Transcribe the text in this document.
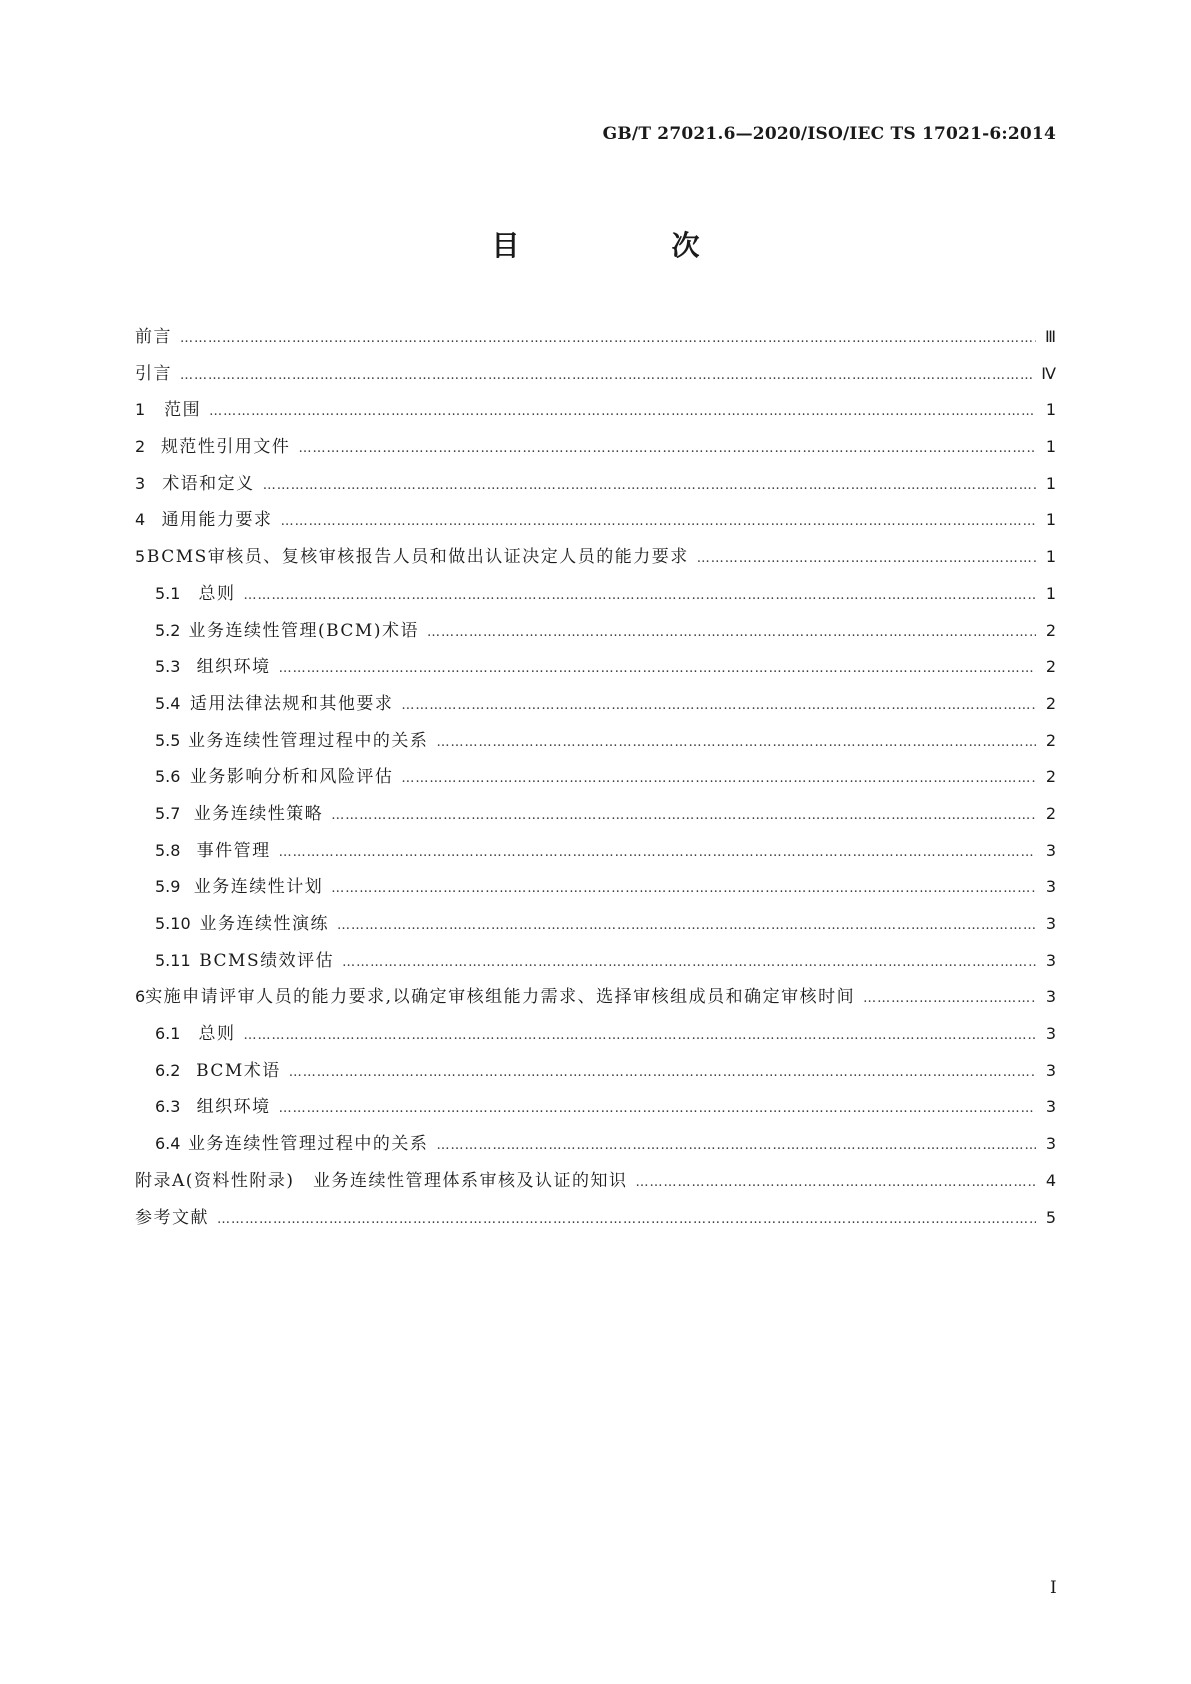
GB/T 27021.6—2020/ISO/IEC TS 17021-6:2014
目　次
前言 ……………………………………………………………………………………………………………………………………………………………………………	Ⅲ
引言 ……………………………………………………………………………………………………………………………………………………………………………	Ⅳ
1	范围 ……………………………………………………………………………………………………………………………………………………………………………	1
2 规范性引用文件 ……………………………………………………………………………………………………………………………………………………………………………	1
3	术语和定义 ……………………………………………………………………………………………………………………………………………………………………………	1
4 通用能力要求 ……………………………………………………………………………………………………………………………………………………………………………	1
5 BCMS审核员、复核审核报告人员和做出认证决定人员的能力要求 ……………………………………………………………………………………………………………………………………………………………………………	1
5.1	总则 ……………………………………………………………………………………………………………………………………………………………………………	1
5.2 业务连续性管理(BCM)术语 ……………………………………………………………………………………………………………………………………………………………………………	2
5.3 组织环境 ……………………………………………………………………………………………………………………………………………………………………………	2
5.4 适用法律法规和其他要求 ……………………………………………………………………………………………………………………………………………………………………………	2
5.5 业务连续性管理过程中的关系 ……………………………………………………………………………………………………………………………………………………………………………	2
5.6 业务影响分析和风险评估 ……………………………………………………………………………………………………………………………………………………………………………	2
5.7 业务连续性策略 ……………………………………………………………………………………………………………………………………………………………………………	2
5.8 事件管理 ……………………………………………………………………………………………………………………………………………………………………………	3
5.9 业务连续性计划 ……………………………………………………………………………………………………………………………………………………………………………	3
5.10 业务连续性演练 ……………………………………………………………………………………………………………………………………………………………………………	3
5.11 BCMS绩效评估 ……………………………………………………………………………………………………………………………………………………………………………	3
6 实施申请评审人员的能力要求,以确定审核组能力需求、选择审核组成员和确定审核时间 ……………………………………………………………………………………………………………………………………………………………………………	3
6.1	总则 ……………………………………………………………………………………………………………………………………………………………………………	3
6.2 BCM术语 ……………………………………………………………………………………………………………………………………………………………………………	3
6.3 组织环境 ……………………………………………………………………………………………………………………………………………………………………………	3
6.4 业务连续性管理过程中的关系 ……………………………………………………………………………………………………………………………………………………………………………	3
附录A(资料性附录)　业务连续性管理体系审核及认证的知识 ……………………………………………………………………………………………………………………………………………………………………………	4
参考文献 ……………………………………………………………………………………………………………………………………………………………………………	5
Ⅰ
